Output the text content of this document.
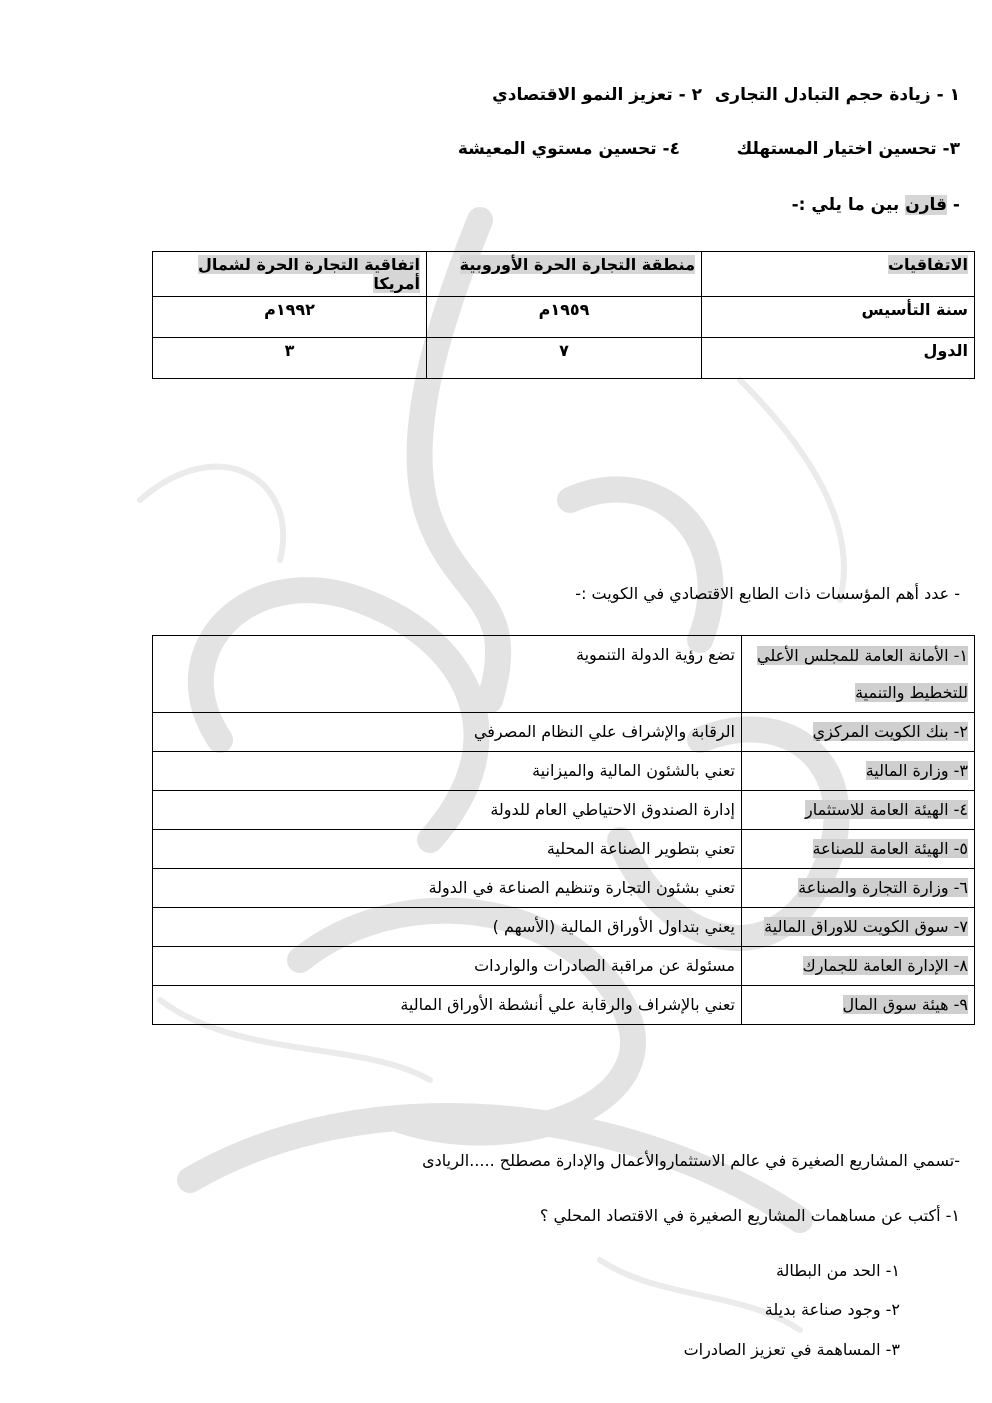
١ - زيادة حجم التبادل التجارى
٢ - تعزيز النمو الاقتصادي
٣- تحسين اختيار المستهلك
٤- تحسين مستوي المعيشة
- قارن بين ما يلي :-
الاتفاقيات	منطقة التجارة الحرة الأوروبية	اتفاقية التجارة الحرة لشمال أمريكا
سنة التأسيس	١٩٥٩م	١٩٩٢م
الدول	٧	٣
- عدد أهم المؤسسات ذات الطابع الاقتصادي في الكويت :-
١- الأمانة العامة للمجلس الأعلي للتخطيط والتنمية	تضع رؤية الدولة التنموية
٢- بنك الكويت المركزي	الرقابة والإشراف علي النظام المصرفي
٣- وزارة المالية	تعني بالشئون المالية والميزانية
٤- الهيئة العامة للاستثمار	إدارة الصندوق الاحتياطي العام للدولة
٥- الهيئة العامة للصناعة	تعني بتطوير الصناعة المحلية
٦- وزارة التجارة والصناعة	تعني بشئون التجارة وتنظيم الصناعة في الدولة
٧- سوق الكويت للاوراق المالية	يعني بتداول الأوراق المالية (الأسهم )
٨- الإدارة العامة للجمارك	مسئولة عن مراقبة الصادرات والواردات
٩- هيئة سوق المال	تعني بالإشراف والرقابة علي أنشطة الأوراق المالية
-تسمي المشاريع الصغيرة في عالم الاستثماروالأعمال والإدارة مصطلح .....الريادى
١- أكتب عن مساهمات المشاريع الصغيرة في الاقتصاد المحلي ؟
١- الحد من البطالة
٢- وجود صناعة بديلة
٣- المساهمة في تعزيز الصادرات
